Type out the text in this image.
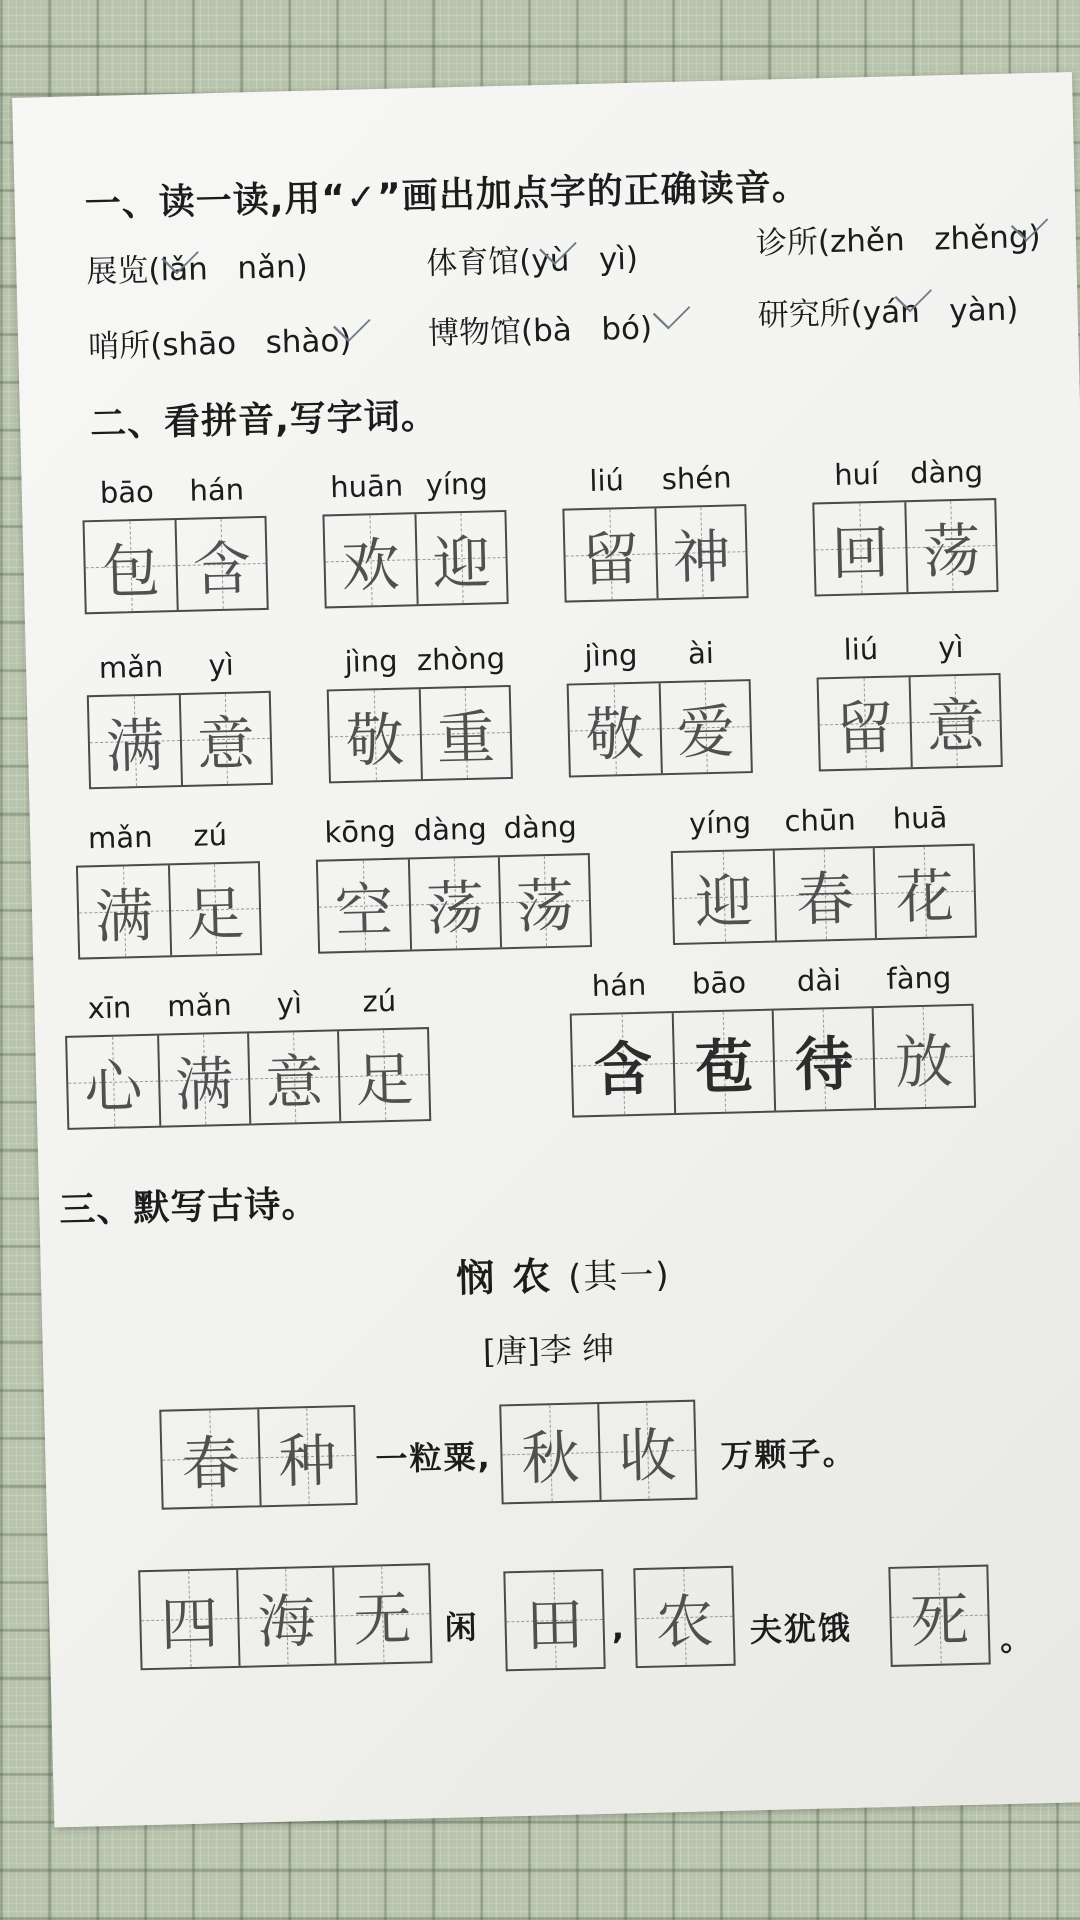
一、读一读,用“✓”画出加点字的正确读音。
展览(lǎn nǎn)	体育馆(yù yì)	诊所(zhěn zhěng)
哨所(shāo shào) 博物馆(bà bó)	研究所(yán yàn)
二、看拼音,写字词。
bāo	hán
包 含
huān yíng
欢 迎
liú	shén
留 神
huí	dàng
回 荡
mǎn	yì
满 意
jìng zhòng
敬 重
jìng	ài
敬 爱
liú	yì
留 意
mǎn	zú
满 足
kōng dàng dàng
空 荡 荡
yíng	chūn	huā
迎 春 花
xīn	mǎn	yì	zú
心 满 意 足
hán	bāo	dài	fàng
含 苞 待 放
三、默写古诗。
悯农(其一)
[唐]李 绅
春 种 一粒粟, 秋 收 万颗子。
四 海 无 闲 田 , 农 夫犹饿 死 。
